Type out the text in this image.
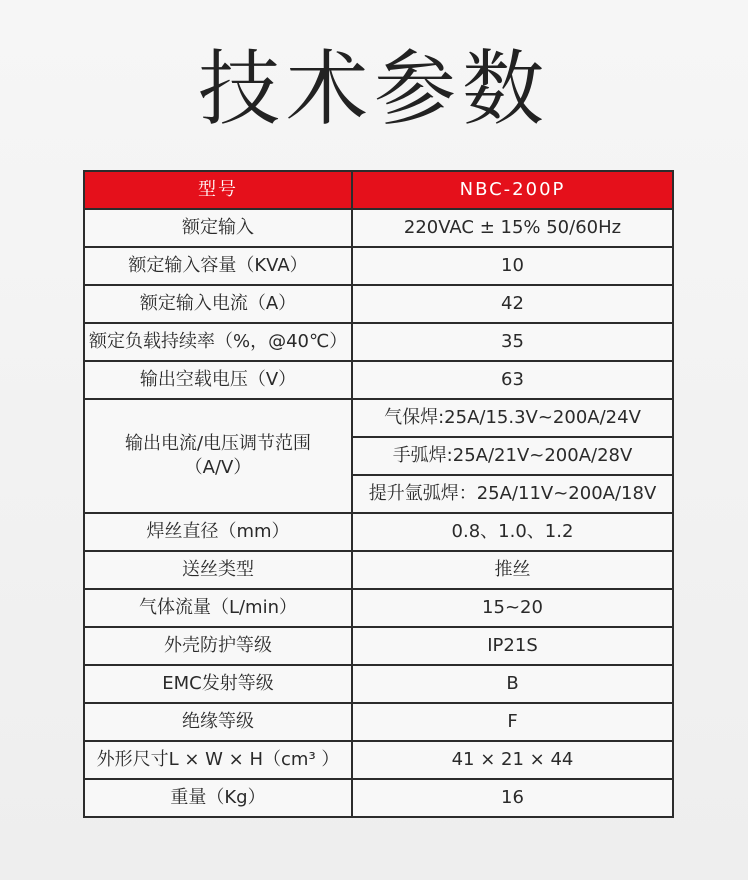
技术参数
型号	NBC-200P
额定输入	220VAC ± 15% 50/60Hz
额定输入容量（KVA）	10
额定输入电流（A）	42
额定负载持续率（%，@40℃）	35
输出空载电压（V）	63

输出电流/电压调节范围
（A/V）	气保焊:25A/15.3V~200A/24V
	手弧焊:25A/21V~200A/28V
	提升氩弧焊：25A/11V~200A/18V
焊丝直径（mm）	0.8、1.0、1.2
送丝类型	推丝
气体流量（L/min）	15~20
外壳防护等级	IP21S
EMC发射等级	B
绝缘等级	F
外形尺寸L × W × H（cm³ ）	41 × 21 × 44
重量（Kg）	16
